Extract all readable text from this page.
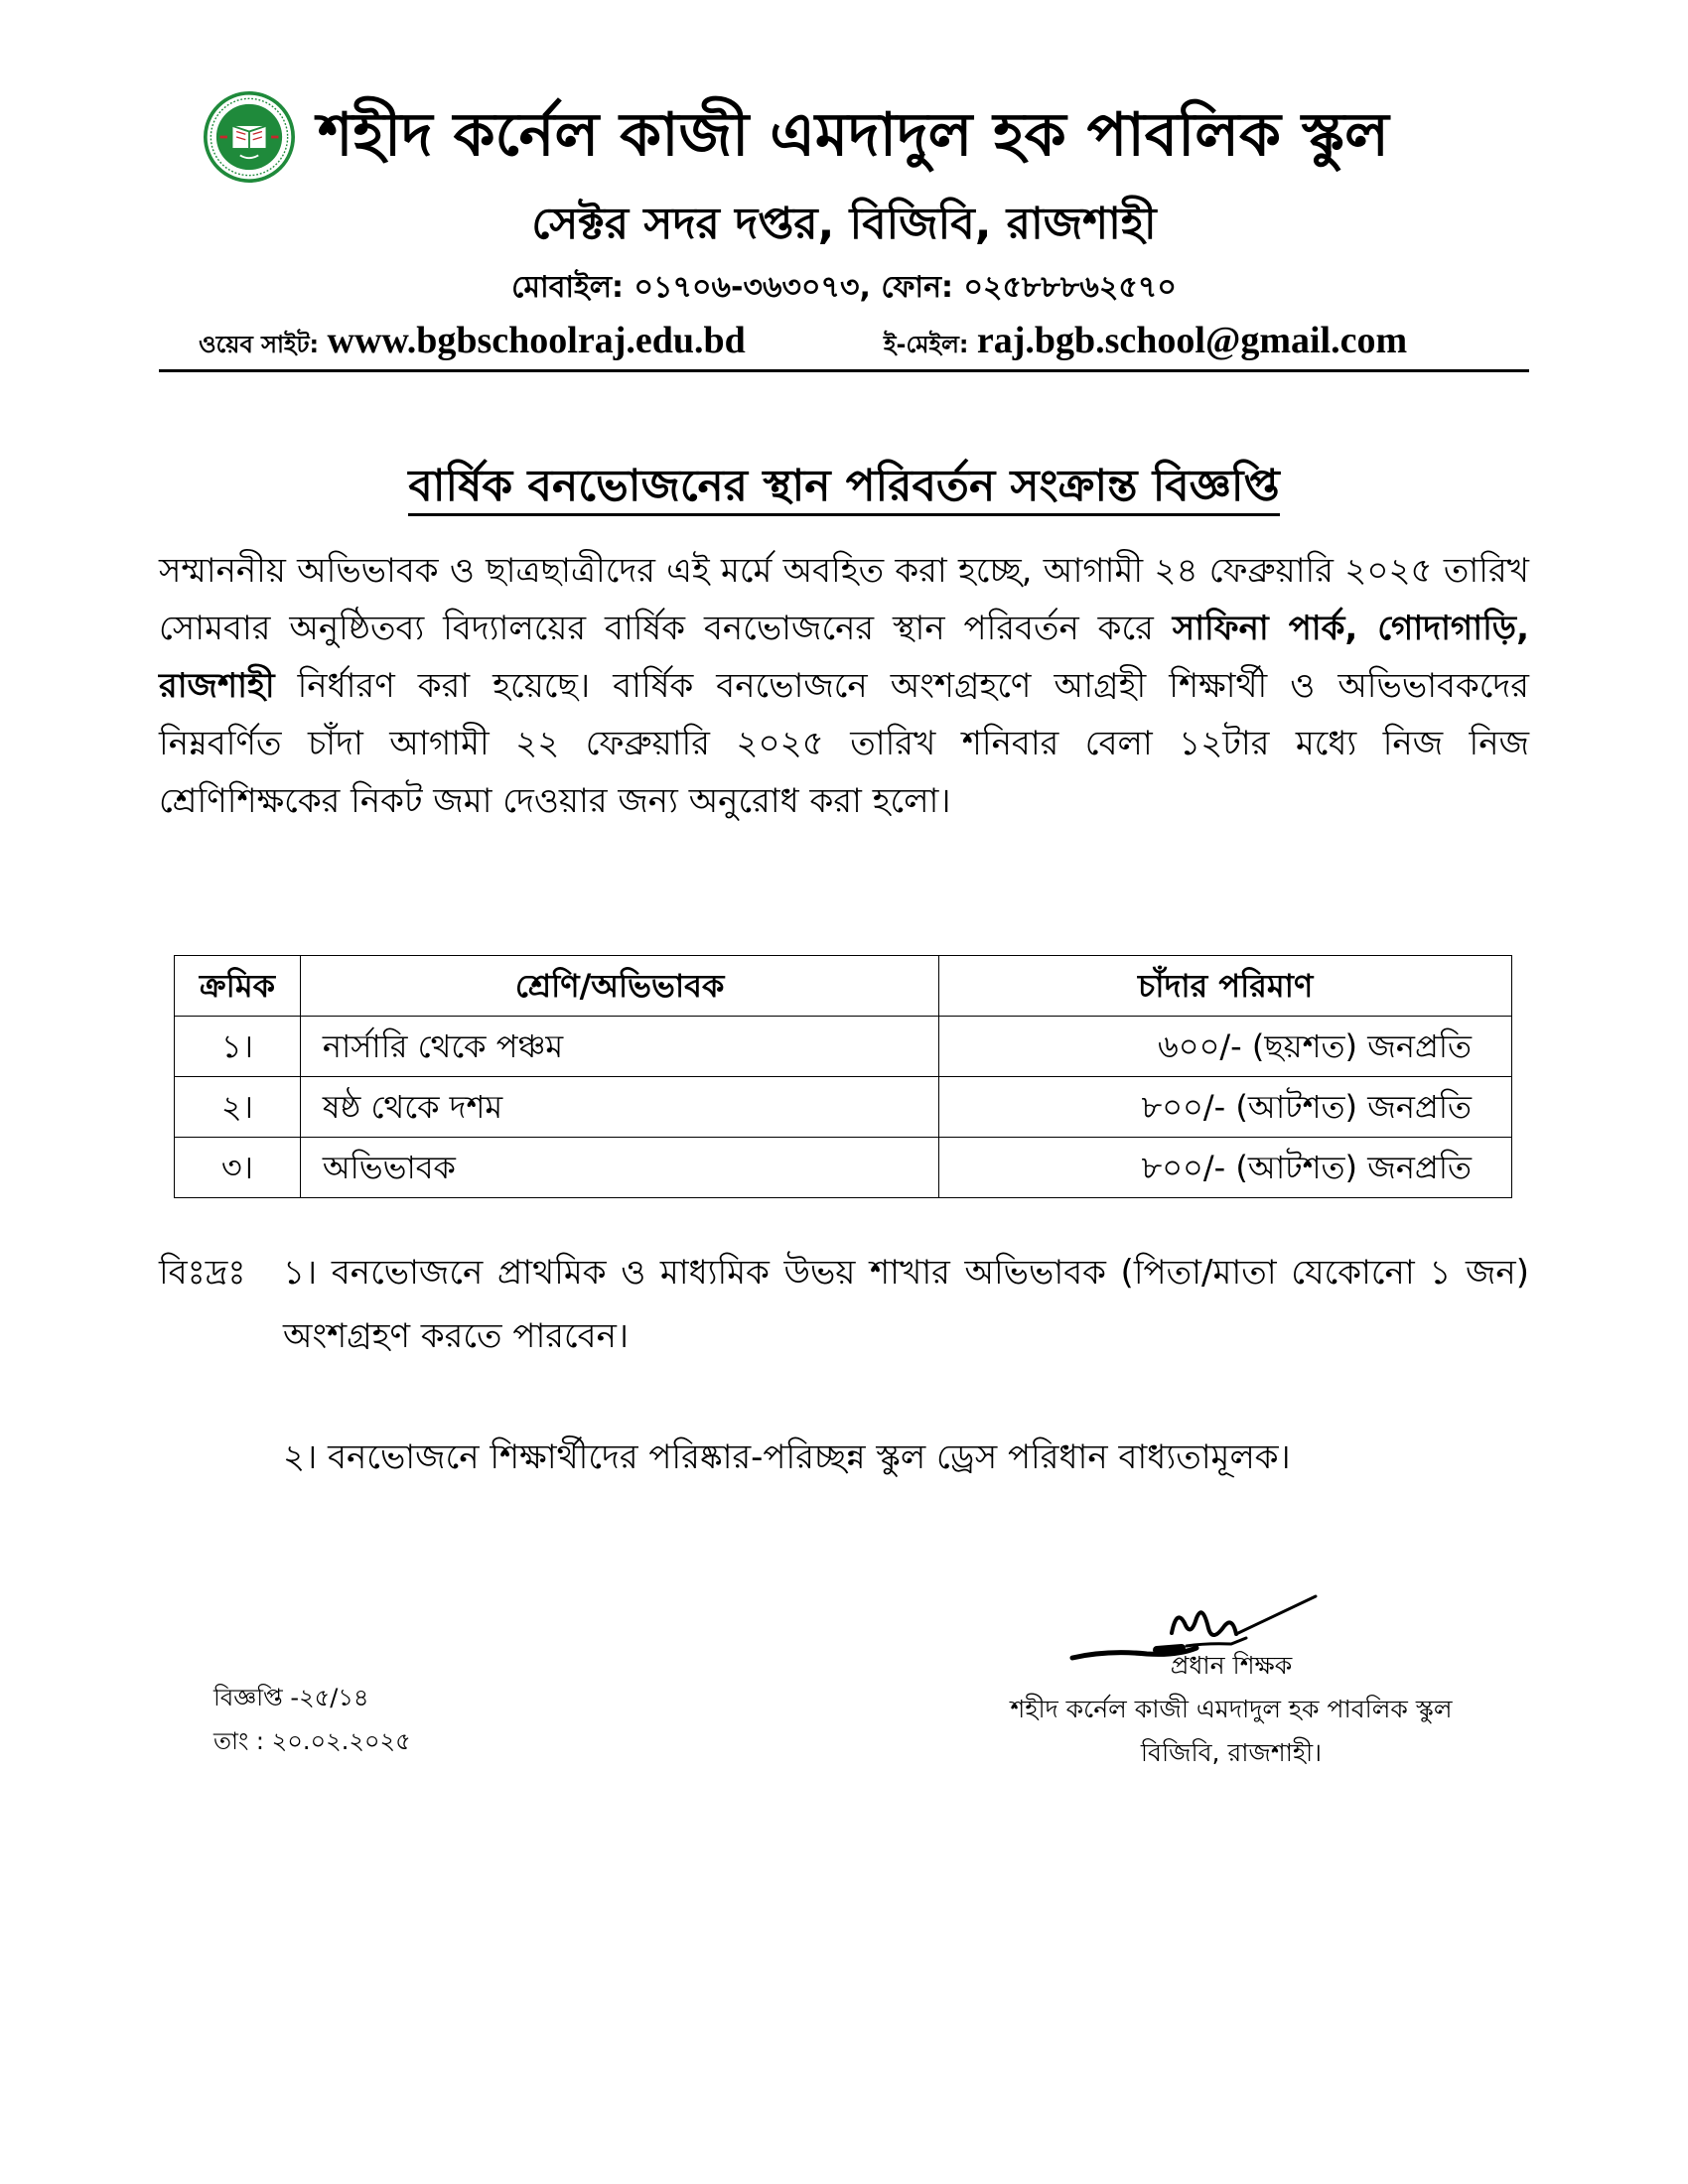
শহীদ কর্নেল কাজী এমদাদুল হক পাবলিক স্কুল
সেক্টর সদর দপ্তর, বিজিবি, রাজশাহী
মোবাইল: ০১৭০৬-৩৬৩০৭৩, ফোন: ০২৫৮৮৮৬২৫৭০
ওয়েব সাইট: www.bgbschoolraj.edu.bd	ই-মেইল: raj.bgb.school@gmail.com
বার্ষিক বনভোজনের স্থান পরিবর্তন সংক্রান্ত বিজ্ঞপ্তি
সম্মাননীয় অভিভাবক ও ছাত্রছাত্রীদের এই মর্মে অবহিত করা হচ্ছে, আগামী ২৪ ফেব্রুয়ারি ২০২৫ তারিখ সোমবার অনুষ্ঠিতব্য বিদ্যালয়ের বার্ষিক বনভোজনের স্থান পরিবর্তন করে সাফিনা পার্ক, গোদাগাড়ি, রাজশাহী নির্ধারণ করা হয়েছে। বার্ষিক বনভোজনে অংশগ্রহণে আগ্রহী শিক্ষার্থী ও অভিভাবকদের নিম্নবর্ণিত চাঁদা আগামী ২২ ফেব্রুয়ারি ২০২৫ তারিখ শনিবার বেলা ১২টার মধ্যে নিজ নিজ শ্রেণিশিক্ষকের নিকট জমা দেওয়ার জন্য অনুরোধ করা হলো।
ক্রমিক	শ্রেণি/অভিভাবক	চাঁদার পরিমাণ
১।	নার্সারি থেকে পঞ্চম	৬০০/- (ছয়শত) জনপ্রতি
২।	ষষ্ঠ থেকে দশম	৮০০/- (আটশত) জনপ্রতি
৩।	অভিভাবক	৮০০/- (আটশত) জনপ্রতি
বিঃদ্রঃ ১। বনভোজনে প্রাথমিক ও মাধ্যমিক উভয় শাখার অভিভাবক (পিতা/মাতা যেকোনো ১ জন) অংশগ্রহণ করতে পারবেন।
২। বনভোজনে শিক্ষার্থীদের পরিষ্কার-পরিচ্ছন্ন স্কুল ড্রেস পরিধান বাধ্যতামূলক।
বিজ্ঞপ্তি -২৫/১৪
তাং : ২০.০২.২০২৫
প্রধান শিক্ষক
শহীদ কর্নেল কাজী এমদাদুল হক পাবলিক স্কুল
বিজিবি, রাজশাহী।
